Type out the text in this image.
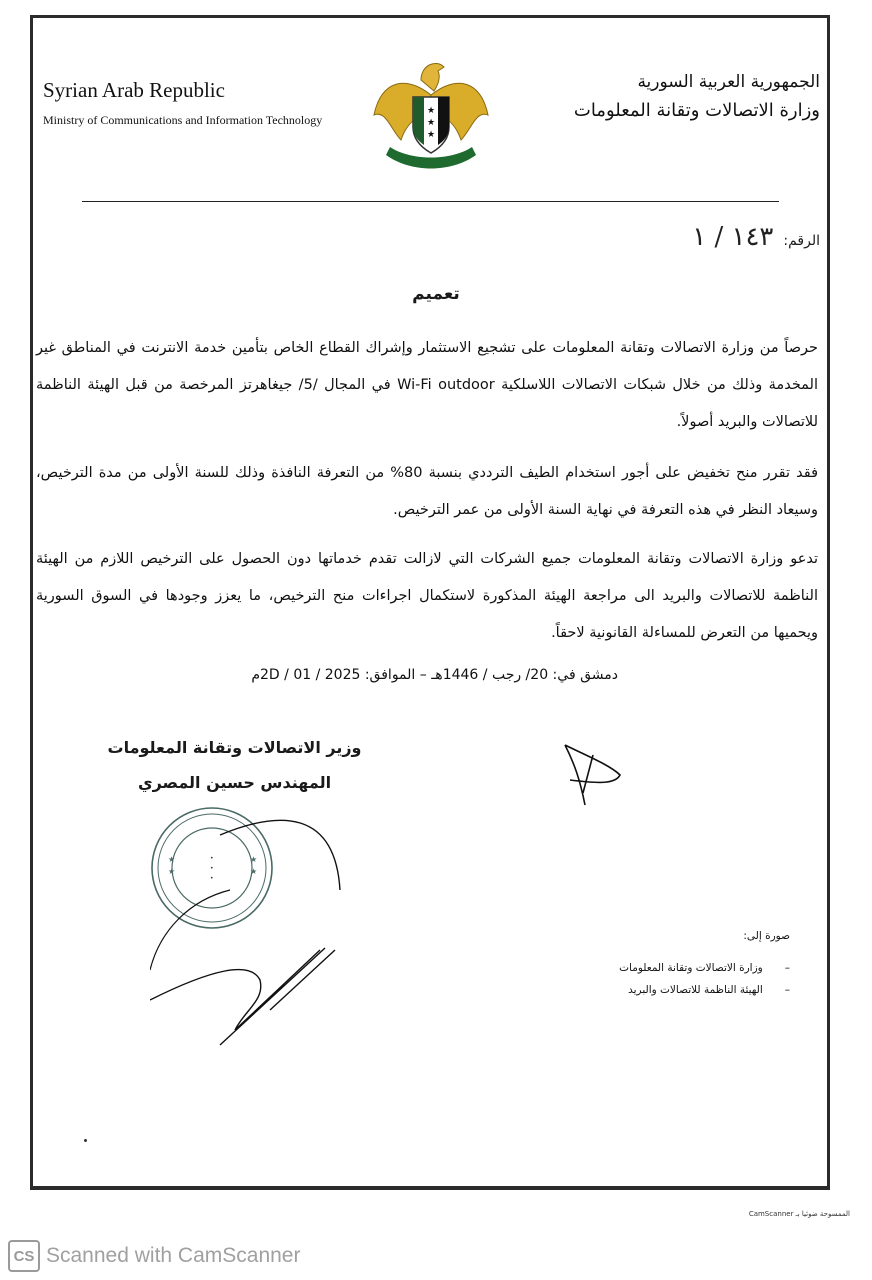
Syrian Arab Republic
Ministry of Communications and Information Technology
★
★
★
الجمهورية العربية السورية
وزارة الاتصالات وتقانة المعلومات
الرقم:
١٤٣ / ١
تعميم
حرصاً من وزارة الاتصالات وتقانة المعلومات على تشجيع الاستثمار وإشراك القطاع الخاص بتأمين خدمة الانترنت في المناطق غير المخدمة وذلك من خلال شبكات الاتصالات اللاسلكية Wi-Fi outdoor في المجال /5/ جيغاهرتز المرخصة من قبل الهيئة الناظمة للاتصالات والبريد أصولاً.
فقد تقرر منح تخفيض على أجور استخدام الطيف الترددي بنسبة 80% من التعرفة النافذة وذلك للسنة الأولى من مدة الترخيص، وسيعاد النظر في هذه التعرفة في نهاية السنة الأولى من عمر الترخيص.
تدعو وزارة الاتصالات وتقانة المعلومات جميع الشركات التي لازالت تقدم خدماتها دون الحصول على الترخيص اللازم من الهيئة الناظمة للاتصالات والبريد الى مراجعة الهيئة المذكورة لاستكمال اجراءات منح الترخيص، ما يعزز وجودها في السوق السورية ويحميها من التعرض للمساءلة القانونية لاحقاً.
دمشق في: 20/ رجب / 1446هـ – الموافق: 2D / 01 / 2025م
★
★
★
★
•
•
•
وزير الاتصالات وتقانة المعلومات
المهندس حسين المصري
صورة إلى:
–
وزارة الاتصالات وتقانة المعلومات
–
الهيئة الناظمة للاتصالات والبريد
الممسوحة ضوئيا بـ CamScanner
CS Scanned with CamScanner
